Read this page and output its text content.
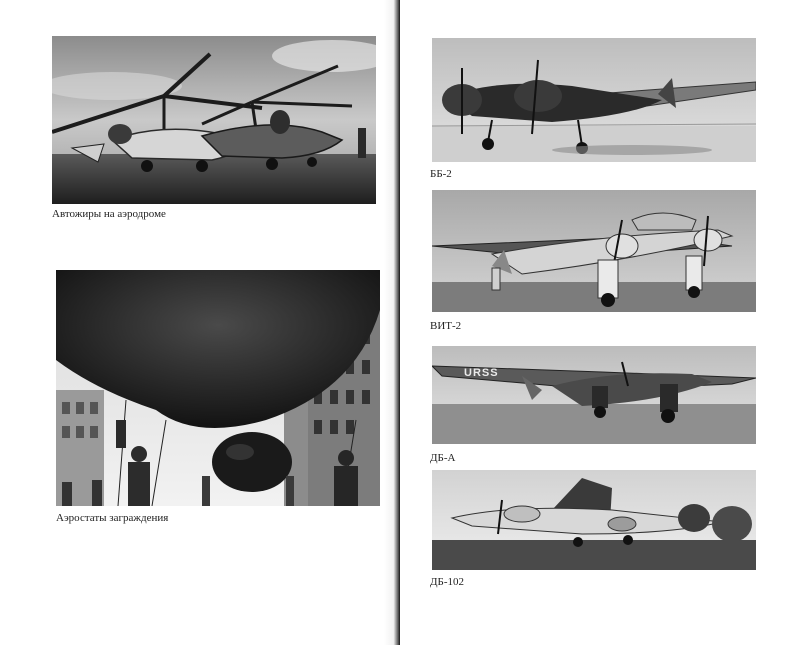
Автожиры на аэродроме
Аэростаты заграждения
ББ-2
ВИТ-2
URSS
ДБ-А
ДБ-102
